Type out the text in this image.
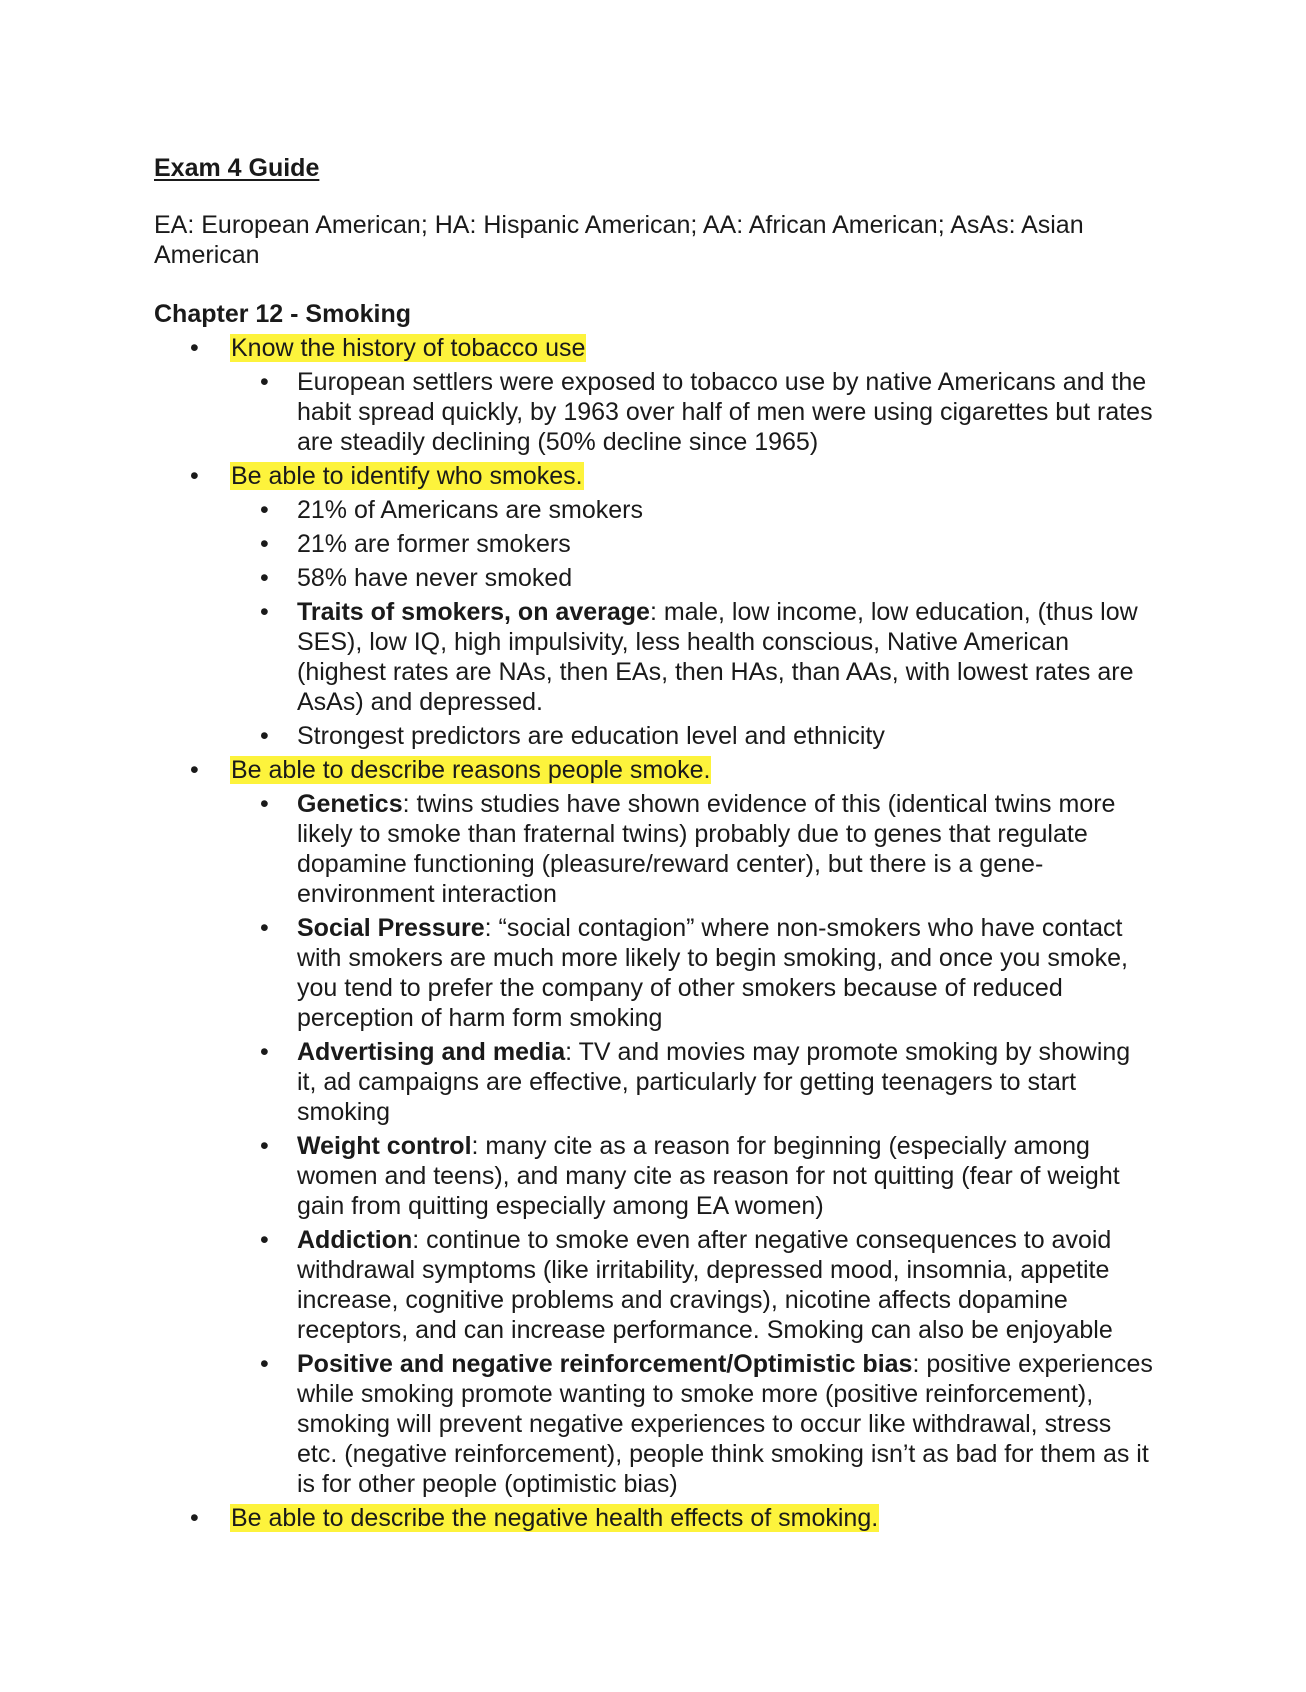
Exam 4 Guide

EA: European American; HA: Hispanic American; AA: African American; AsAs: Asian American

Chapter 12 - Smoking
• Know the history of tobacco use
• European settlers were exposed to tobacco use by native Americans and the habit spread quickly, by 1963 over half of men were using cigarettes but rates are steadily declining (50% decline since 1965)
• Be able to identify who smokes.
• 21% of Americans are smokers
• 21% are former smokers
• 58% have never smoked
• Traits of smokers, on average: male, low income, low education, (thus low SES), low IQ, high impulsivity, less health conscious, Native American (highest rates are NAs, then EAs, then HAs, than AAs, with lowest rates are AsAs) and depressed.
• Strongest predictors are education level and ethnicity
• Be able to describe reasons people smoke.
• Genetics: twins studies have shown evidence of this (identical twins more likely to smoke than fraternal twins) probably due to genes that regulate dopamine functioning (pleasure/reward center), but there is a gene-environment interaction
• Social Pressure: “social contagion” where non-smokers who have contact with smokers are much more likely to begin smoking, and once you smoke, you tend to prefer the company of other smokers because of reduced perception of harm form smoking
• Advertising and media: TV and movies may promote smoking by showing it, ad campaigns are effective, particularly for getting teenagers to start smoking
• Weight control: many cite as a reason for beginning (especially among women and teens), and many cite as reason for not quitting (fear of weight gain from quitting especially among EA women)
• Addiction: continue to smoke even after negative consequences to avoid withdrawal symptoms (like irritability, depressed mood, insomnia, appetite increase, cognitive problems and cravings), nicotine affects dopamine receptors, and can increase performance. Smoking can also be enjoyable
• Positive and negative reinforcement/Optimistic bias: positive experiences while smoking promote wanting to smoke more (positive reinforcement), smoking will prevent negative experiences to occur like withdrawal, stress etc. (negative reinforcement), people think smoking isn’t as bad for them as it is for other people (optimistic bias)
• Be able to describe the negative health effects of smoking.
